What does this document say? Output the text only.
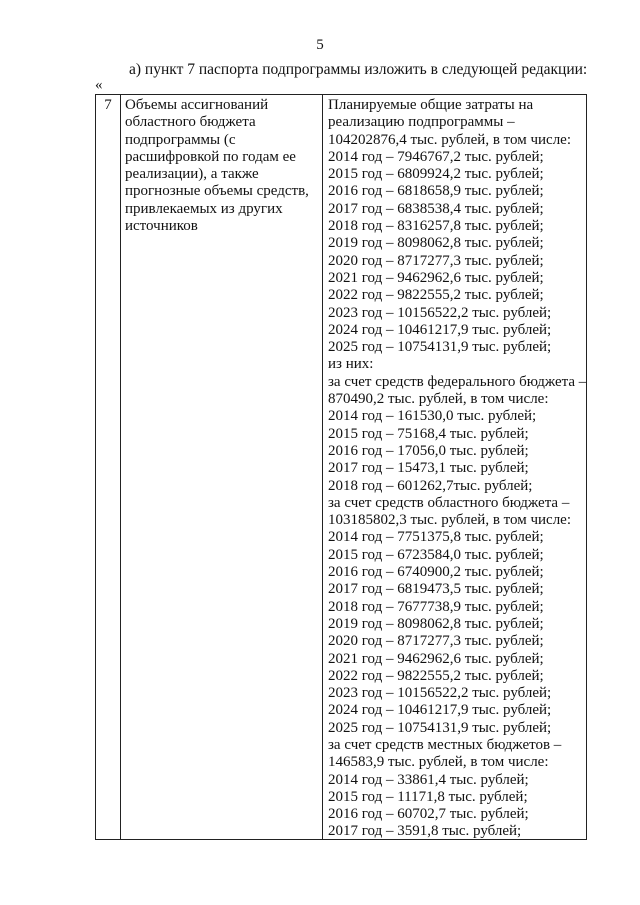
5
а) пункт 7 паспорта подпрограммы изложить в следующей редакции:
«
7 Объемы ассигнований
областного бюджета
подпрограммы (с
расшифровкой по годам ее
реализации), а также
прогнозные объемы средств,
привлекаемых из других
источников
Планируемые общие затраты на
реализацию подпрограммы –
104202876,4 тыс. рублей, в том числе:
2014 год – 7946767,2 тыс. рублей;
2015 год – 6809924,2 тыс. рублей;
2016 год – 6818658,9 тыс. рублей;
2017 год – 6838538,4 тыс. рублей;
2018 год – 8316257,8 тыс. рублей;
2019 год – 8098062,8 тыс. рублей;
2020 год – 8717277,3 тыс. рублей;
2021 год – 9462962,6 тыс. рублей;
2022 год – 9822555,2 тыс. рублей;
2023 год – 10156522,2 тыс. рублей;
2024 год – 10461217,9 тыс. рублей;
2025 год – 10754131,9 тыс. рублей;
из них:
за счет средств федерального бюджета –
870490,2 тыс. рублей, в том числе:
2014 год – 161530,0 тыс. рублей;
2015 год – 75168,4 тыс. рублей;
2016 год – 17056,0 тыс. рублей;
2017 год – 15473,1 тыс. рублей;
2018 год – 601262,7тыс. рублей;
за счет средств областного бюджета –
103185802,3 тыс. рублей, в том числе:
2014 год – 7751375,8 тыс. рублей;
2015 год – 6723584,0 тыс. рублей;
2016 год – 6740900,2 тыс. рублей;
2017 год – 6819473,5 тыс. рублей;
2018 год – 7677738,9 тыс. рублей;
2019 год – 8098062,8 тыс. рублей;
2020 год – 8717277,3 тыс. рублей;
2021 год – 9462962,6 тыс. рублей;
2022 год – 9822555,2 тыс. рублей;
2023 год – 10156522,2 тыс. рублей;
2024 год – 10461217,9 тыс. рублей;
2025 год – 10754131,9 тыс. рублей;
за счет средств местных бюджетов –
146583,9 тыс. рублей, в том числе:
2014 год – 33861,4 тыс. рублей;
2015 год – 11171,8 тыс. рублей;
2016 год – 60702,7 тыс. рублей;
2017 год – 3591,8 тыс. рублей;
